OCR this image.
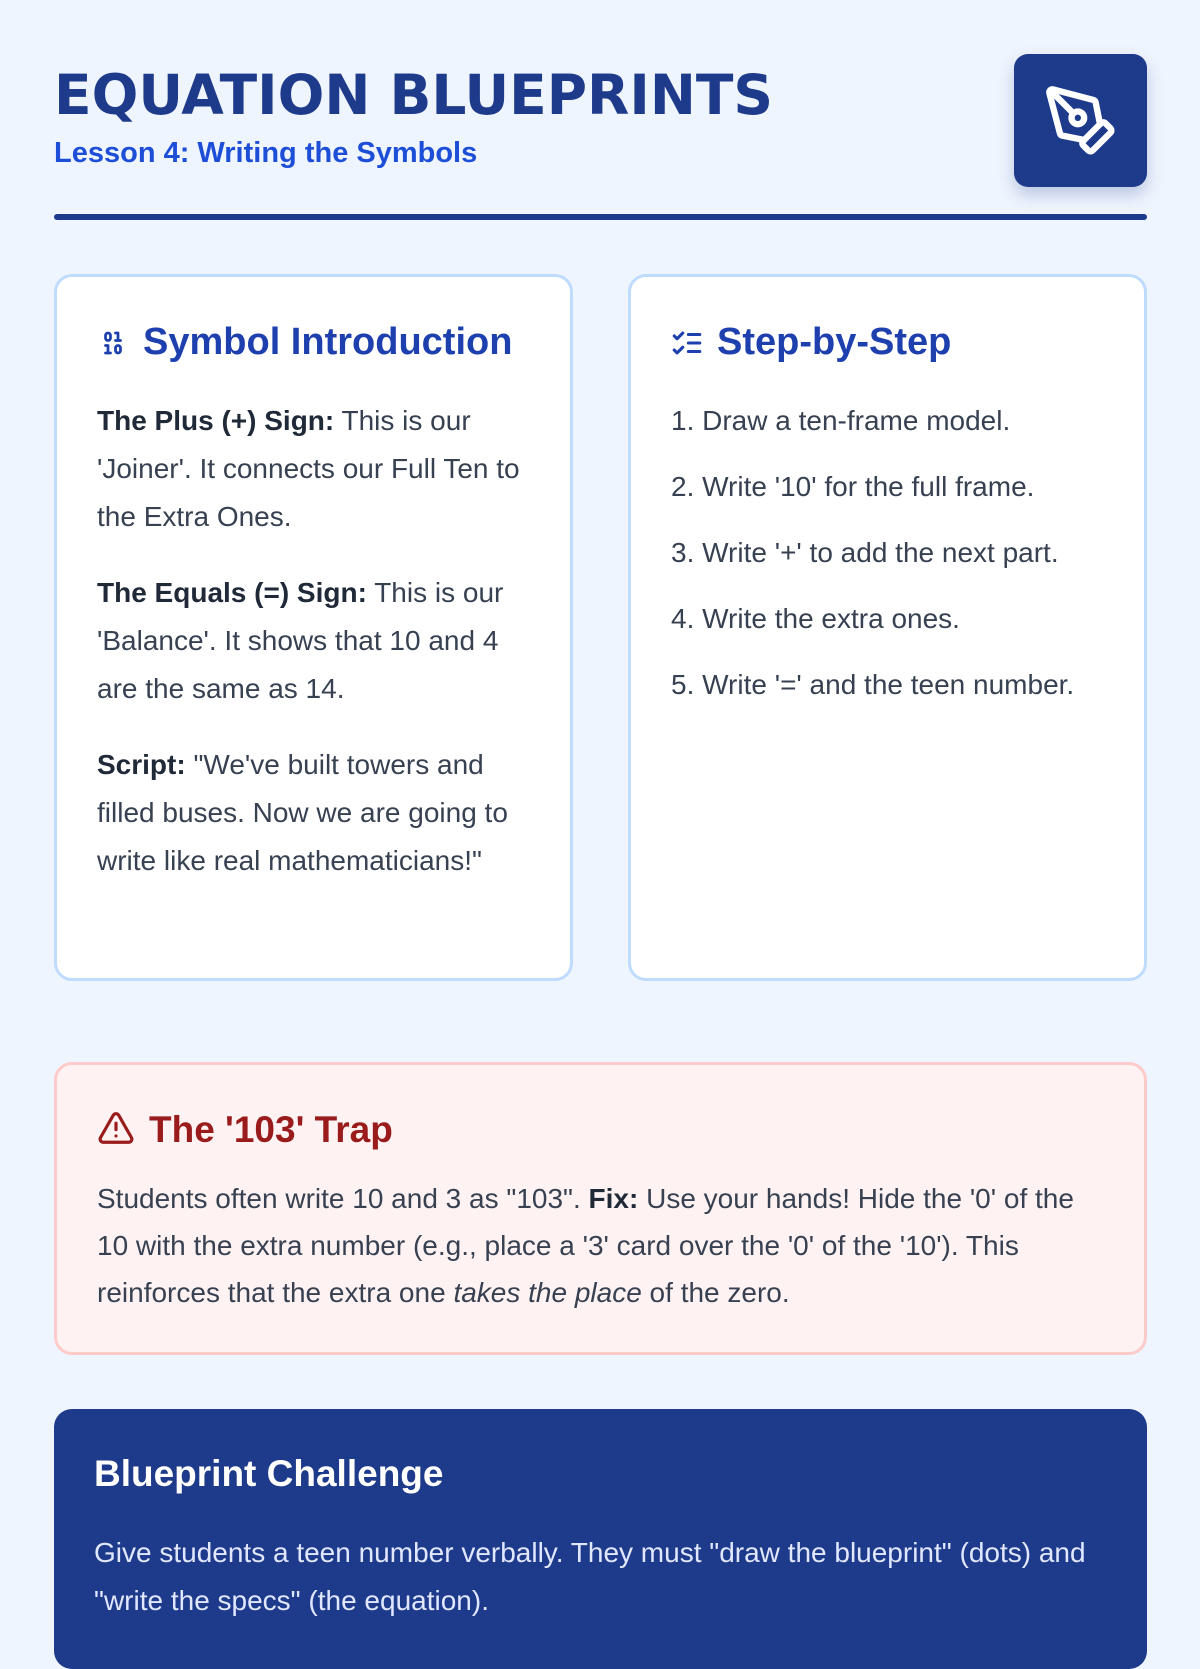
EQUATION BLUEPRINTS
Lesson 4: Writing the Symbols
Symbol Introduction

The Plus (+) Sign: This is our 'Joiner'. It connects our Full Ten to the Extra Ones.

The Equals (=) Sign: This is our 'Balance'. It shows that 10 and 4 are the same as 14.

Script: "We've built towers and filled buses. Now we are going to write like real mathematicians!"

Step-by-Step
1. Draw a ten-frame model.
2. Write '10' for the full frame.
3. Write '+' to add the next part.
4. Write the extra ones.
5. Write '=' and the teen number.
The '103' Trap
Students often write 10 and 3 as "103". Fix: Use your hands! Hide the '0' of the 10 with the extra number (e.g., place a '3' card over the '0' of the '10'). This reinforces that the extra one takes the place of the zero.
Blueprint Challenge
Give students a teen number verbally. They must "draw the blueprint" (dots) and "write the specs" (the equation).
